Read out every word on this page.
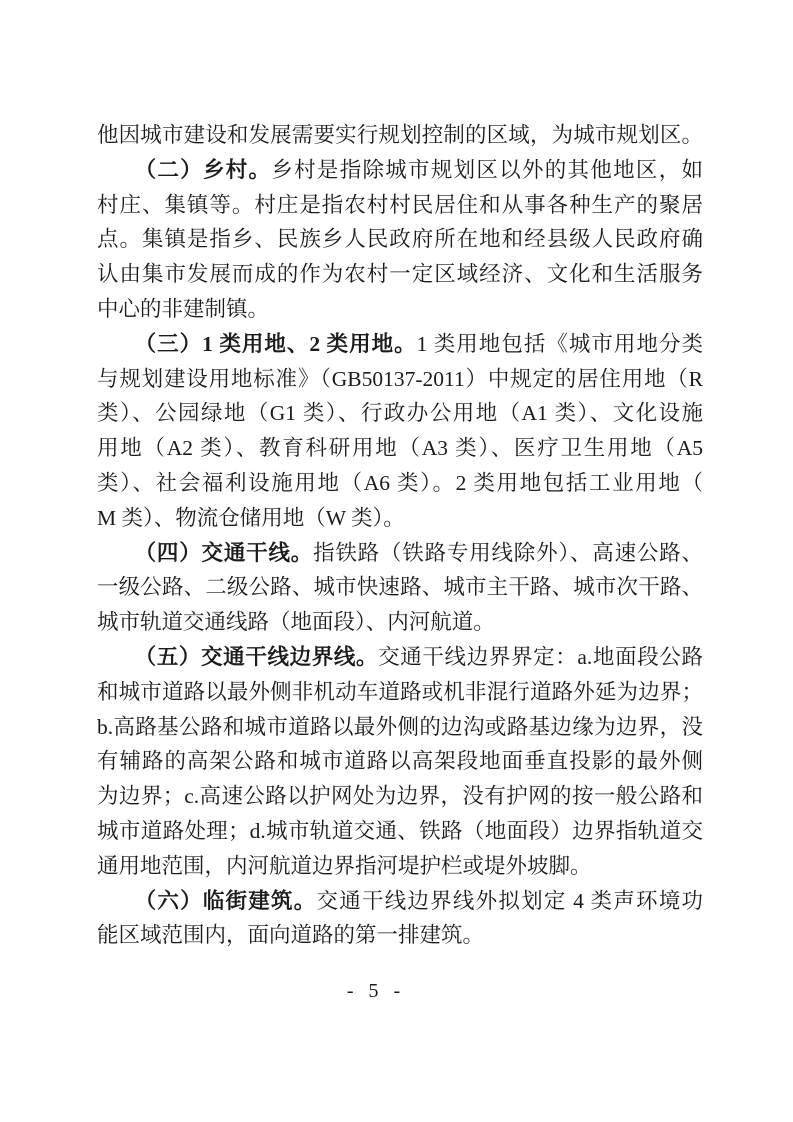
他因城市建设和发展需要实行规划控制的区域，为城市规划区。
（二）乡村。乡村是指除城市规划区以外的其他地区，如
村庄、集镇等。村庄是指农村村民居住和从事各种生产的聚居
点。集镇是指乡、民族乡人民政府所在地和经县级人民政府确
认由集市发展而成的作为农村一定区域经济、文化和生活服务
中心的非建制镇。
（三）1 类用地、2 类用地。1 类用地包括《城市用地分类
与规划建设用地标准》（GB50137-2011）中规定的居住用地（R
类）、公园绿地（G1 类）、行政办公用地（A1 类）、文化设施
用地（A2 类）、教育科研用地（A3 类）、医疗卫生用地（A5
类）、社会福利设施用地（A6 类）。2 类用地包括工业用地（
M 类）、物流仓储用地（W 类）。
（四）交通干线。指铁路（铁路专用线除外）、高速公路、
一级公路、二级公路、城市快速路、城市主干路、城市次干路、
城市轨道交通线路（地面段）、内河航道。
（五）交通干线边界线。交通干线边界界定：a.地面段公路
和城市道路以最外侧非机动车道路或机非混行道路外延为边界；
b.高路基公路和城市道路以最外侧的边沟或路基边缘为边界，没
有辅路的高架公路和城市道路以高架段地面垂直投影的最外侧
为边界；c.高速公路以护网处为边界，没有护网的按一般公路和
城市道路处理；d.城市轨道交通、铁路（地面段）边界指轨道交
通用地范围，内河航道边界指河堤护栏或堤外坡脚。
（六）临街建筑。交通干线边界线外拟划定 4 类声环境功
能区域范围内，面向道路的第一排建筑。
- 5 -
